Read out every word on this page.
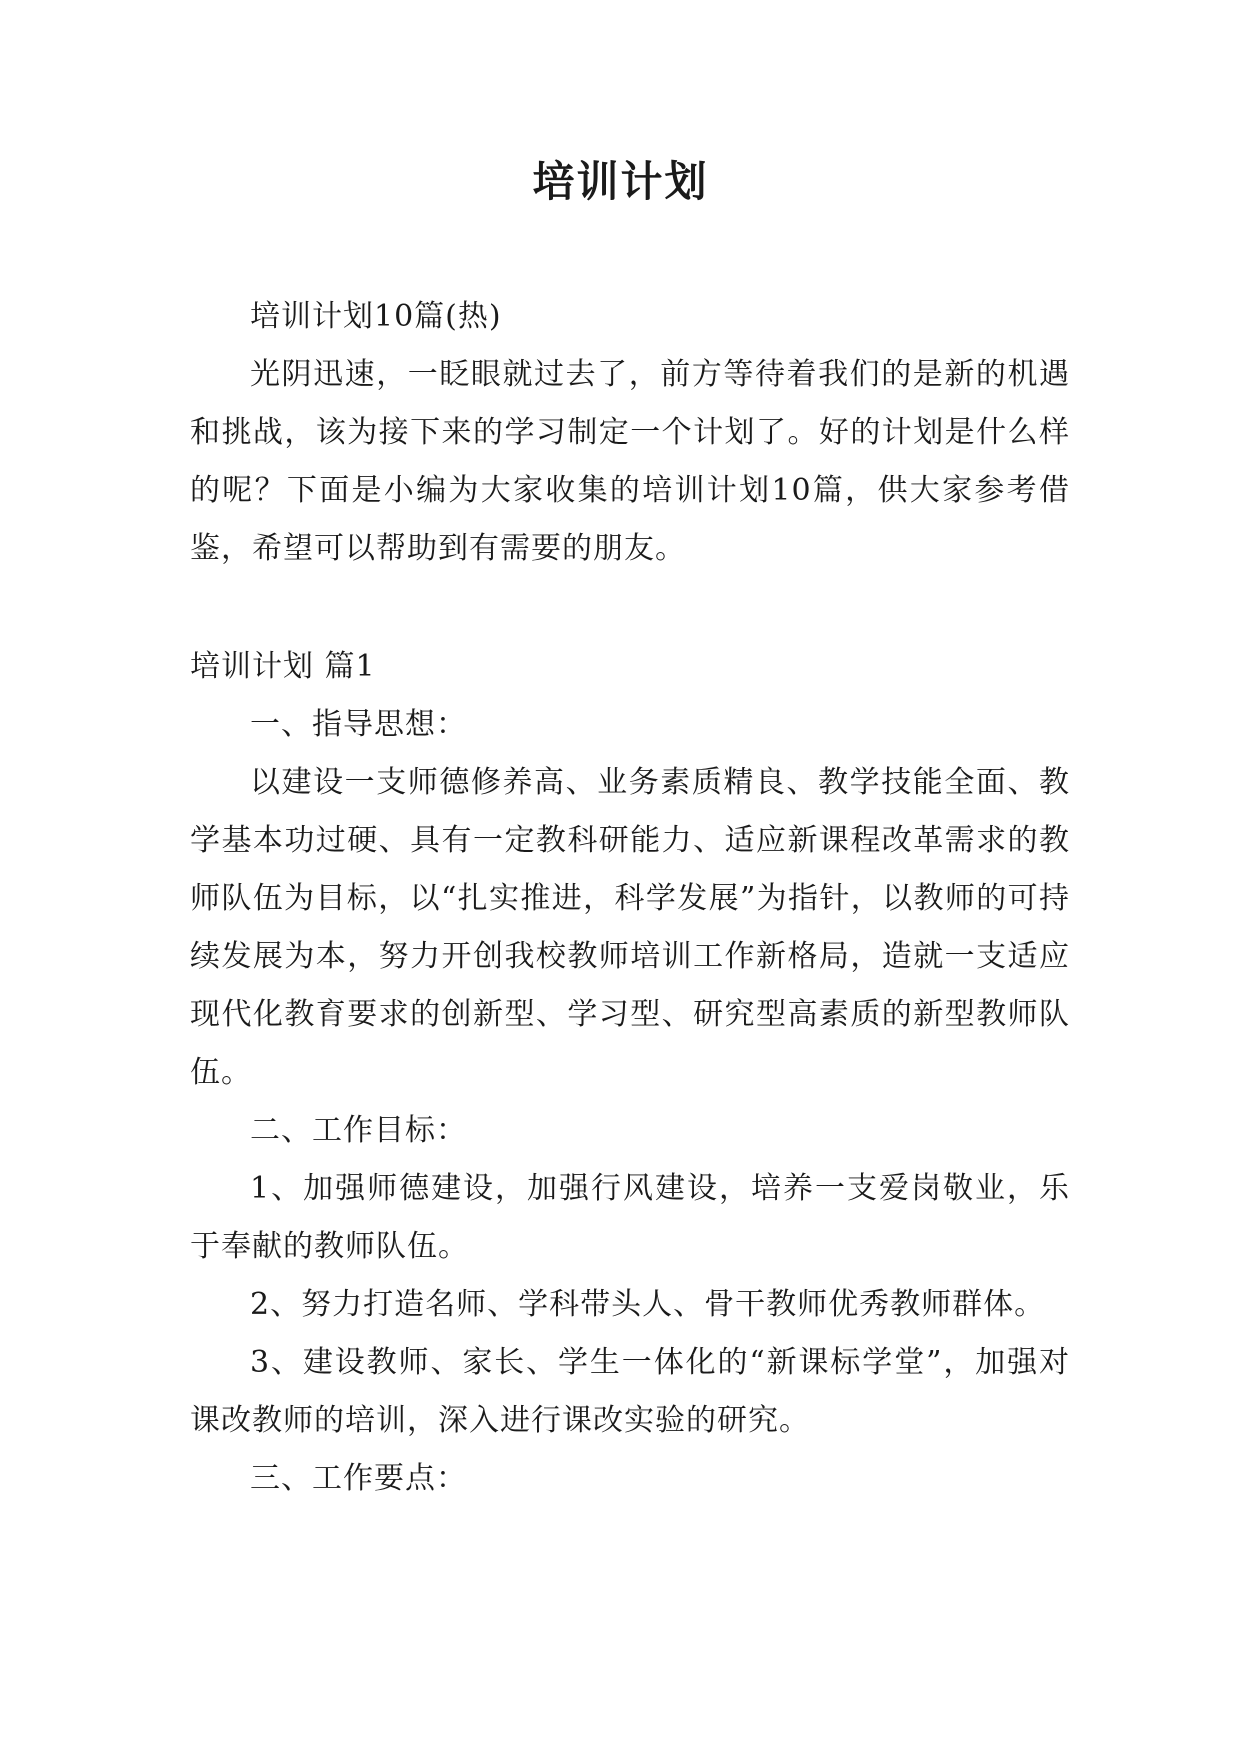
培训计划

培训计划10篇(热)

光阴迅速，一眨眼就过去了，前方等待着我们的是新的机遇和挑战，该为接下来的学习制定一个计划了。好的计划是什么样的呢？下面是小编为大家收集的培训计划10篇，供大家参考借鉴，希望可以帮助到有需要的朋友。

培训计划 篇1

一、指导思想：

以建设一支师德修养高、业务素质精良、教学技能全面、教学基本功过硬、具有一定教科研能力、适应新课程改革需求的教师队伍为目标，以“扎实推进，科学发展”为指针，以教师的可持续发展为本，努力开创我校教师培训工作新格局，造就一支适应现代化教育要求的创新型、学习型、研究型高素质的新型教师队伍。

二、工作目标：

1、加强师德建设，加强行风建设，培养一支爱岗敬业，乐于奉献的教师队伍。

2、努力打造名师、学科带头人、骨干教师优秀教师群体。

3、建设教师、家长、学生一体化的“新课标学堂”，加强对课改教师的培训，深入进行课改实验的研究。

三、工作要点：
